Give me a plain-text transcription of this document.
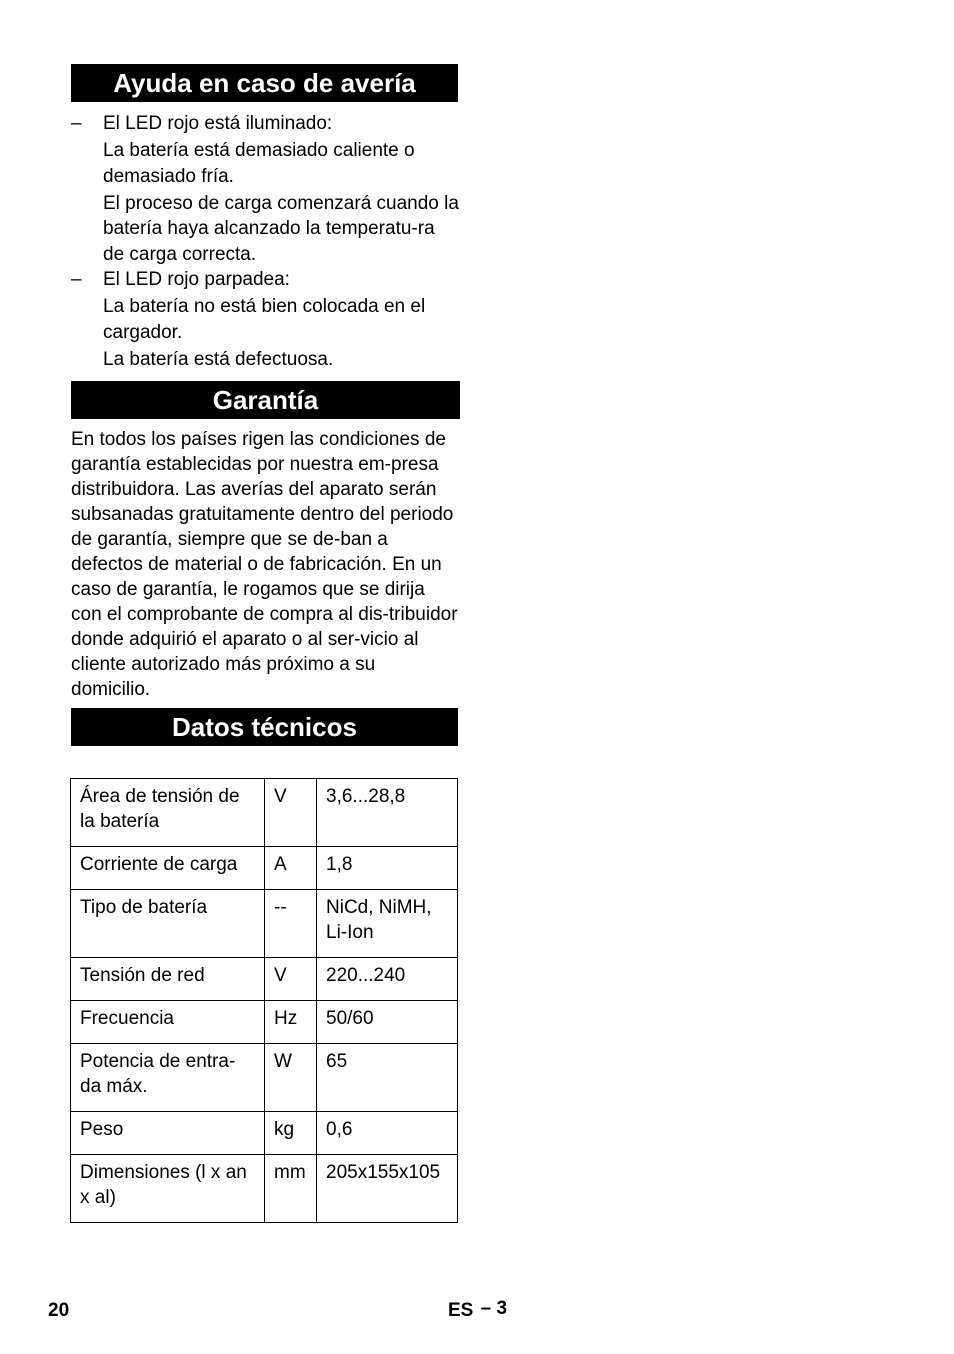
Ayuda en caso de avería
–	El LED rojo está iluminado:

La batería está demasiado caliente o demasiado fría.

El proceso de carga comenzará cuando la batería haya alcanzado la temperatu-ra de carga correcta.

–	El LED rojo parpadea:

La batería no está bien colocada en el cargador.

La batería está defectuosa.

Garantía

En todos los países rigen las condiciones de garantía establecidas por nuestra em-presa distribuidora. Las averías del aparato serán subsanadas gratuitamente dentro del periodo de garantía, siempre que se de-ban a defectos de material o de fabricación. En un caso de garantía, le rogamos que se dirija con el comprobante de compra al dis-tribuidor donde adquirió el aparato o al ser-vicio al cliente autorizado más próximo a su domicilio.

Datos técnicos
Área de tensión de la batería	V	3,6...28,8
Corriente de carga	A	1,8
Tipo de batería	--	NiCd, NiMH, Li-Ion
Tensión de red	V	220...240
Frecuencia	Hz	50/60
Potencia de entra-da máx.	W	65
Peso	kg	0,6
Dimensiones (l x an x al)	mm	205x155x105
20	ES – 3
